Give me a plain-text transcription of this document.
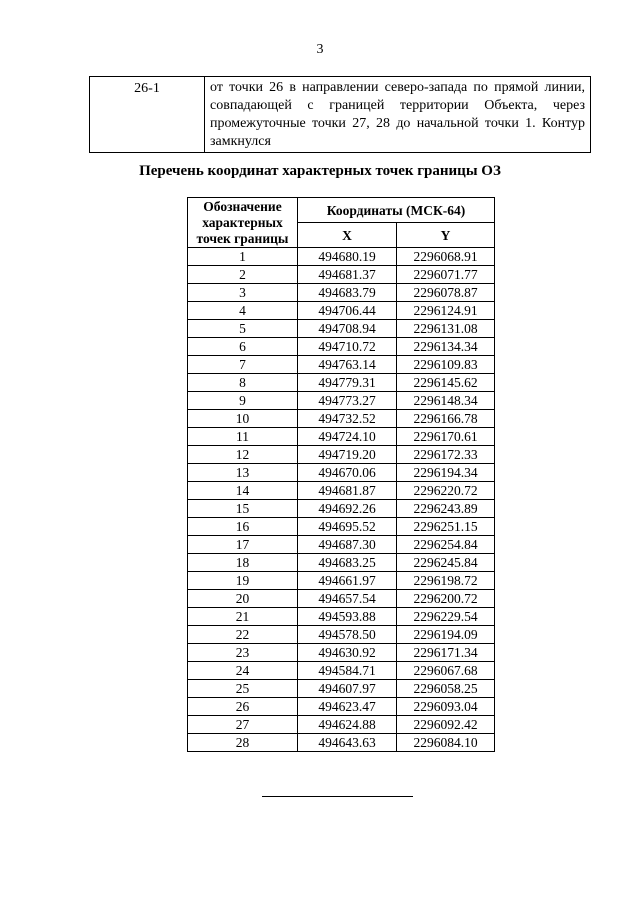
3
26-1	от точки 26 в направлении северо-запада по прямой линии, совпадающей с границей территории Объекта, через промежуточные точки 27, 28 до начальной точки 1. Контур замкнулся
Перечень координат характерных точек границы ОЗ
Обозначение
характерных
точек границы	Координаты (МСК-64)	
	X	Y
1	494680.19	2296068.91
2	494681.37	2296071.77
3	494683.79	2296078.87
4	494706.44	2296124.91
5	494708.94	2296131.08
6	494710.72	2296134.34
7	494763.14	2296109.83
8	494779.31	2296145.62
9	494773.27	2296148.34
10	494732.52	2296166.78
11	494724.10	2296170.61
12	494719.20	2296172.33
13	494670.06	2296194.34
14	494681.87	2296220.72
15	494692.26	2296243.89
16	494695.52	2296251.15
17	494687.30	2296254.84
18	494683.25	2296245.84
19	494661.97	2296198.72
20	494657.54	2296200.72
21	494593.88	2296229.54
22	494578.50	2296194.09
23	494630.92	2296171.34
24	494584.71	2296067.68
25	494607.97	2296058.25
26	494623.47	2296093.04
27	494624.88	2296092.42
28	494643.63	2296084.10
